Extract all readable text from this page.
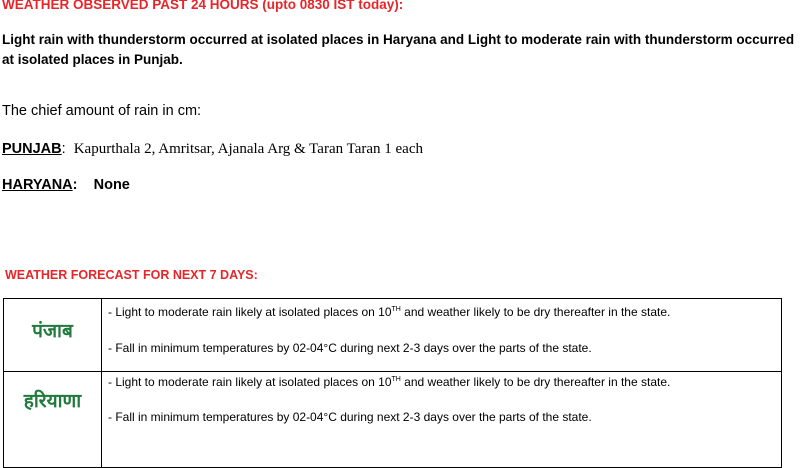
WEATHER OBSERVED PAST 24 HOURS (upto 0830 IST today):
Light rain with thunderstorm occurred at isolated places in Haryana and Light to moderate rain with thunderstorm occurred at isolated places in Punjab.
The chief amount of rain in cm:
PUNJAB: Kapurthala 2, Amritsar, Ajanala Arg & Taran Taran 1 each
HARYANA: None
WEATHER FORECAST FOR NEXT 7 DAYS:
पंजाब
- Light to moderate rain likely at isolated places on 10TH and weather likely to be dry thereafter in the state.
- Fall in minimum temperatures by 02-04°C during next 2-3 days over the parts of the state.
हरियाणा
- Light to moderate rain likely at isolated places on 10TH and weather likely to be dry thereafter in the state.
- Fall in minimum temperatures by 02-04°C during next 2-3 days over the parts of the state.
